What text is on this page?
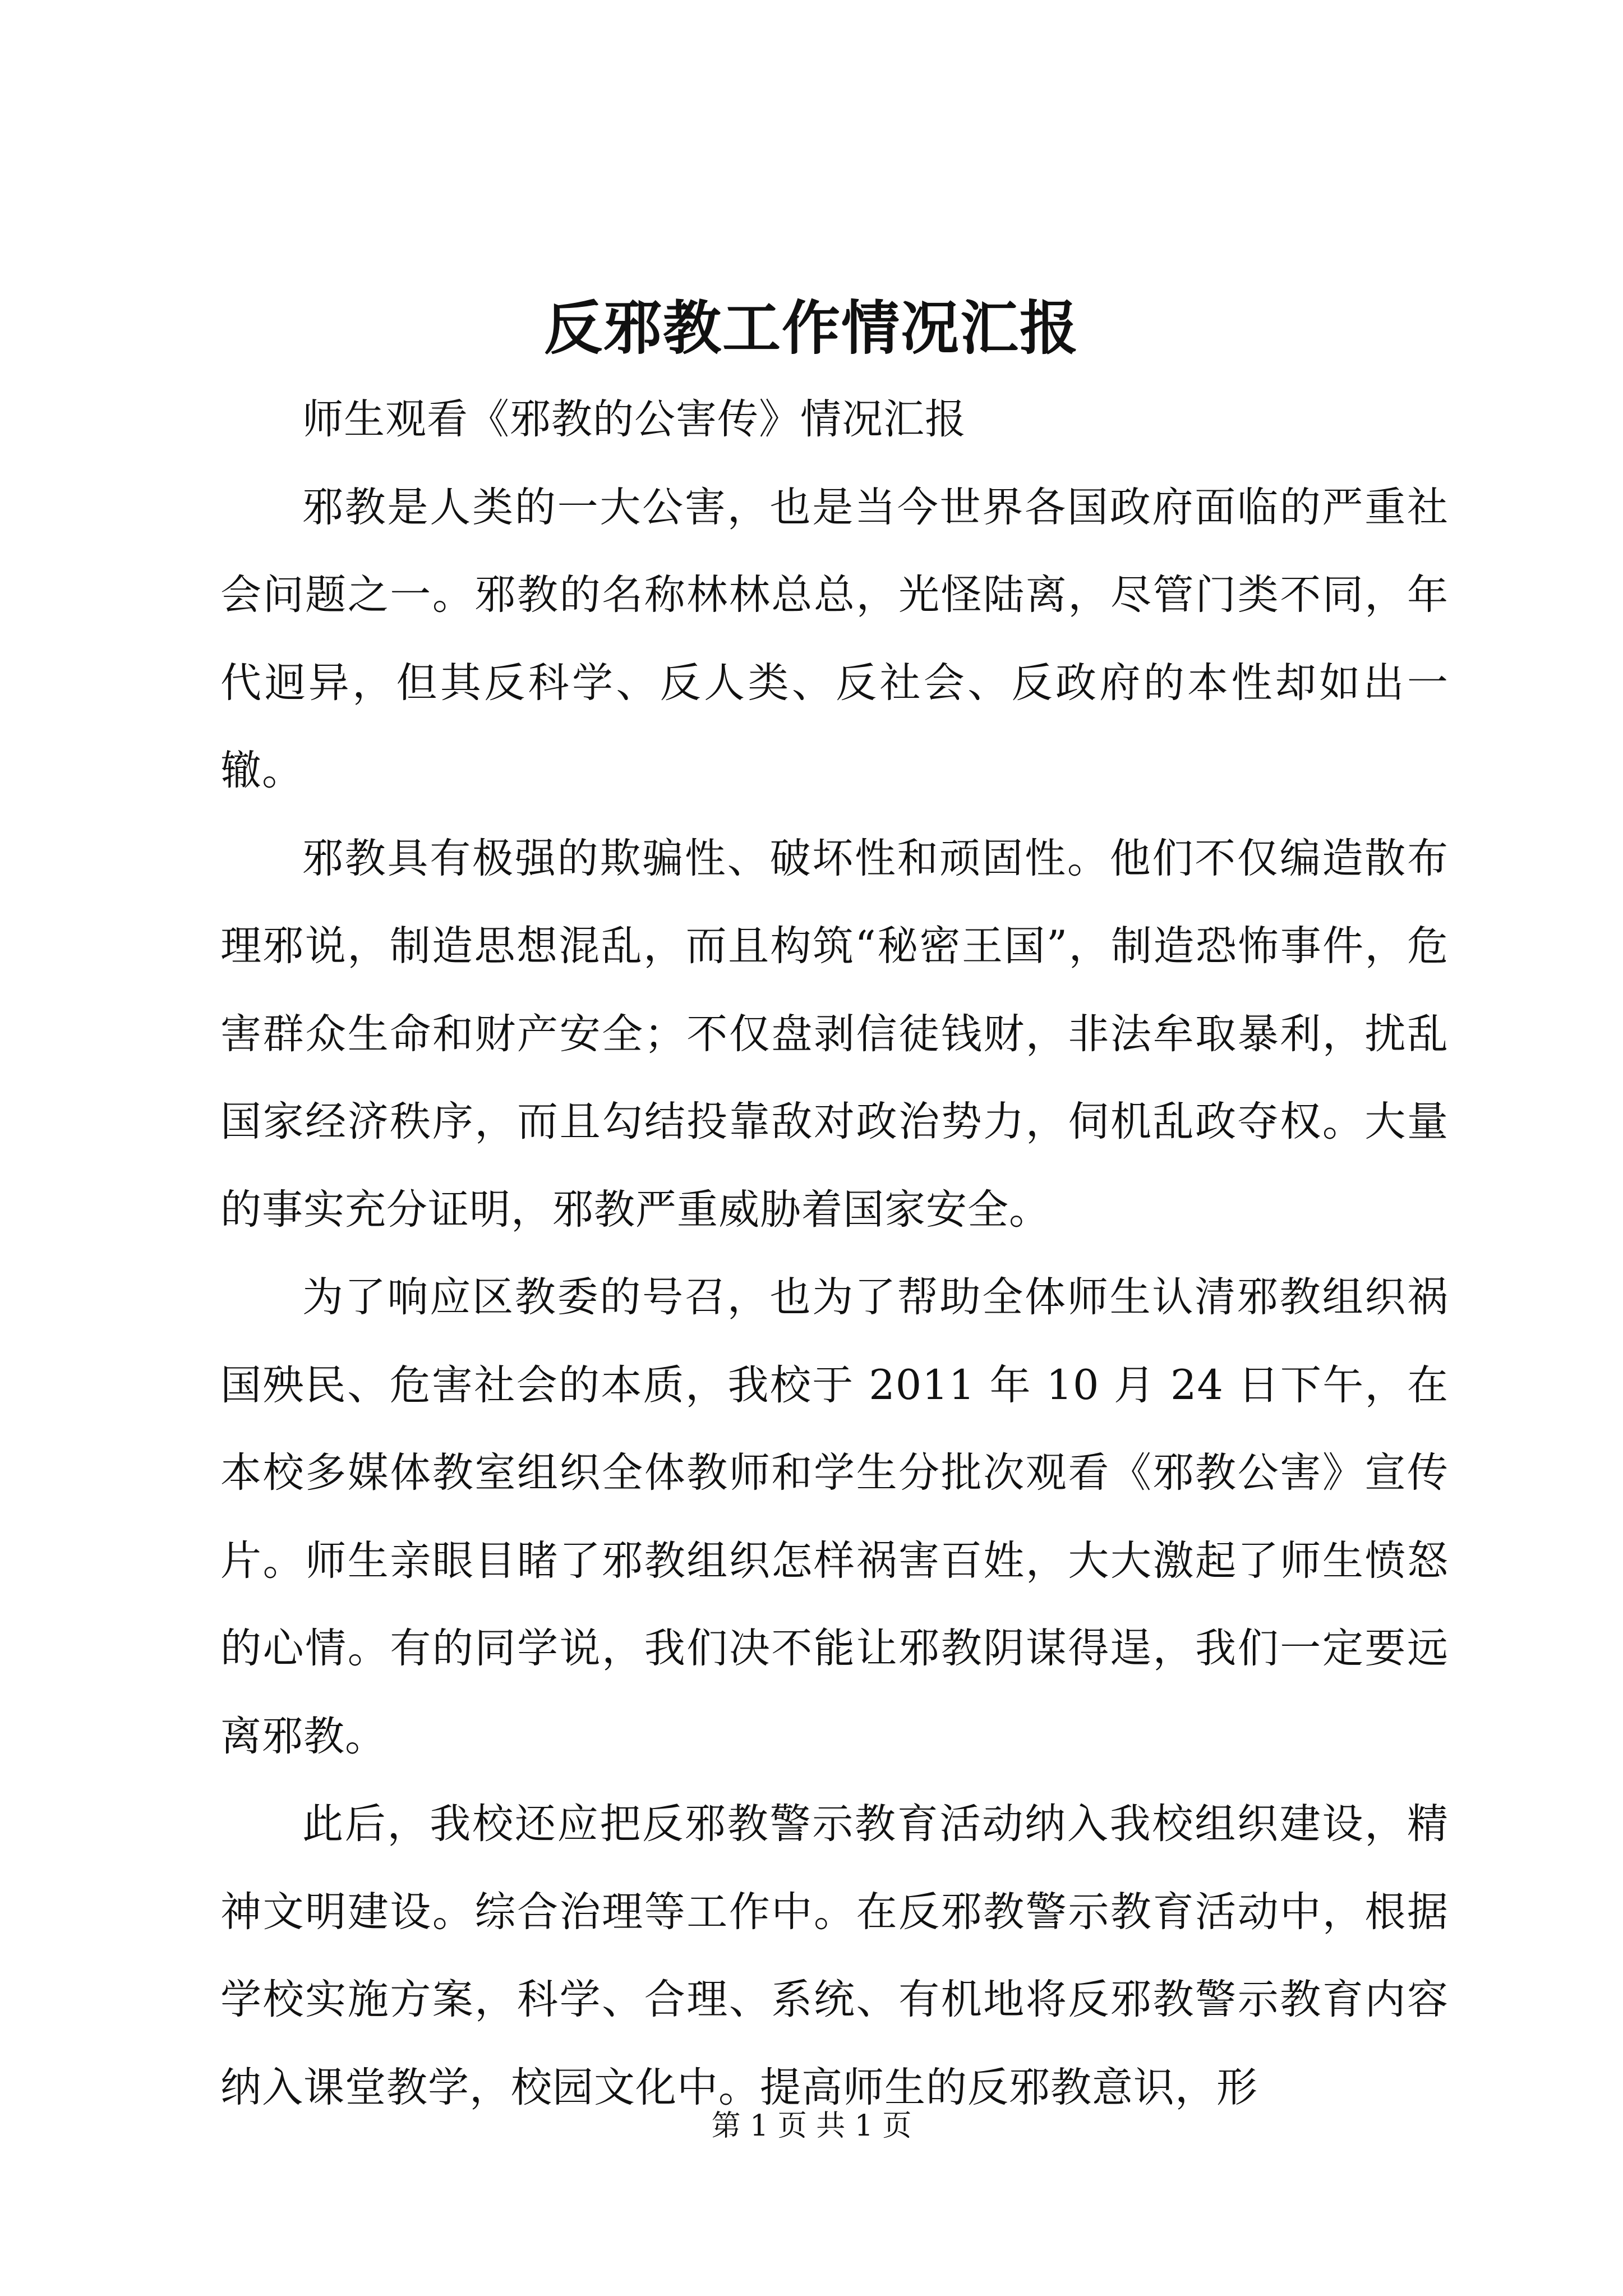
反邪教工作情况汇报

师生观看《邪教的公害传》情况汇报

邪教是人类的一大公害，也是当今世界各国政府面临的严重社会问题之一。邪教的名称林林总总，光怪陆离，尽管门类不同，年代迥异，但其反科学、反人类、反社会、反政府的本性却如出一辙。

邪教具有极强的欺骗性、破坏性和顽固性。他们不仅编造散布理邪说，制造思想混乱，而且构筑“秘密王国”，制造恐怖事件，危害群众生命和财产安全；不仅盘剥信徒钱财，非法牟取暴利，扰乱国家经济秩序，而且勾结投靠敌对政治势力，伺机乱政夺权。大量的事实充分证明，邪教严重威胁着国家安全。

为了响应区教委的号召，也为了帮助全体师生认清邪教组织祸国殃民、危害社会的本质，我校于 2011 年 10 月 24 日下午，在本校多媒体教室组织全体教师和学生分批次观看《邪教公害》宣传片。师生亲眼目睹了邪教组织怎样祸害百姓，大大激起了师生愤怒的心情。有的同学说，我们决不能让邪教阴谋得逞，我们一定要远离邪教。

此后，我校还应把反邪教警示教育活动纳入我校组织建设，精神文明建设。综合治理等工作中。在反邪教警示教育活动中，根据学校实施方案，科学、合理、系统、有机地将反邪教警示教育内容纳入课堂教学，校园文化中。提高师生的反邪教意识，形

第 1 页 共 1 页
